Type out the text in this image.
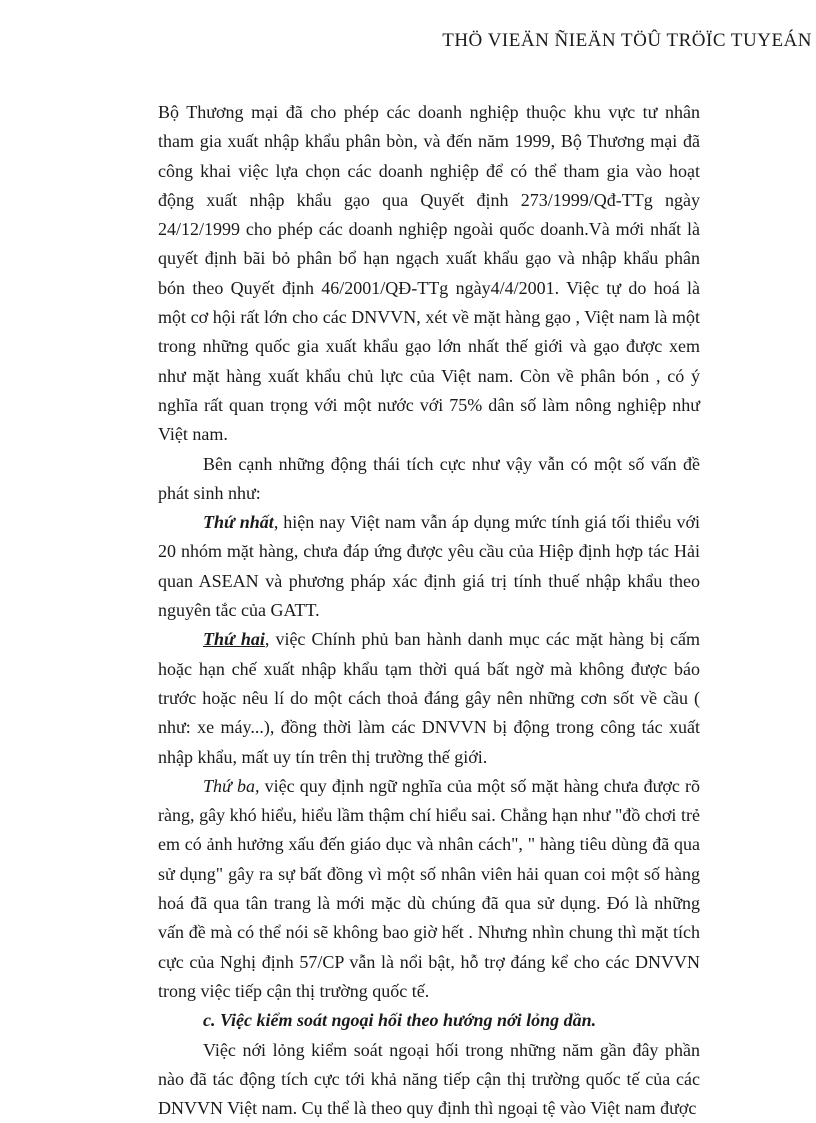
THÖ VIEÄN ÑIEÄN TÖÛ TRÖÏC TUYEÁN

Bộ Thương mại đã cho phép các doanh nghiệp thuộc khu vực tư nhân tham gia xuất nhập khẩu phân bòn, và đến năm 1999, Bộ Thương mại đã công khai việc lựa chọn các doanh nghiệp để có thể tham gia vào hoạt động xuất nhập khẩu gạo qua Quyết định 273/1999/Qđ-TTg ngày 24/12/1999 cho phép các doanh nghiệp ngoài quốc doanh.Và mới nhất là quyết định bãi bỏ phân bổ hạn ngạch xuất khẩu gạo và nhập khẩu phân bón theo Quyết định 46/2001/QĐ-TTg ngày4/4/2001. Việc tự do hoá là một cơ hội rất lớn cho các DNVVN, xét về mặt hàng gạo , Việt nam là một trong những quốc gia xuất khẩu gạo lớn nhất thế giới và gạo được xem như mặt hàng xuất khẩu chủ lực của Việt nam. Còn về phân bón , có ý nghĩa rất quan trọng với một nước với 75% dân số làm nông nghiệp như Việt nam.

Bên cạnh những động thái tích cực như vậy vẫn có một số vấn đề phát sinh như:

Thứ nhất, hiện nay Việt nam vẫn áp dụng mức tính giá tối thiểu với 20 nhóm mặt hàng, chưa đáp ứng được yêu cầu của Hiệp định hợp tác Hải quan ASEAN và phương pháp xác định giá trị tính thuế nhập khẩu theo nguyên tắc của GATT.

Thứ hai, việc Chính phủ ban hành danh mục các mặt hàng bị cấm hoặc hạn chế xuất nhập khẩu tạm thời quá bất ngờ mà không được báo trước hoặc nêu lí do một cách thoả đáng gây nên những cơn sốt về cầu ( như: xe máy...), đồng thời làm các DNVVN bị động trong công tác xuất nhập khẩu, mất uy tín trên thị trường thế giới.

Thứ ba, việc quy định ngữ nghĩa của một số mặt hàng chưa được rõ ràng, gây khó hiểu, hiểu lầm thậm chí hiểu sai. Chẳng hạn như "đồ chơi trẻ em có ảnh hưởng xấu đến giáo dục và nhân cách", " hàng tiêu dùng đã qua sử dụng" gây ra sự bất đồng vì một số nhân viên hải quan coi một số hàng hoá đã qua tân trang là mới mặc dù chúng đã qua sử dụng. Đó là những vấn đề mà có thể nói sẽ không bao giờ hết . Nhưng nhìn chung thì mặt tích cực của Nghị định 57/CP vẫn là nổi bật, hỗ trợ đáng kể cho các DNVVN trong việc tiếp cận thị trường quốc tế.

c. Việc kiểm soát ngoại hối theo hướng nới lỏng dần.

Việc nới lỏng kiểm soát ngoại hối trong những năm gần đây phần nào đã tác động tích cực tới khả năng tiếp cận thị trường quốc tế của các DNVVN Việt nam. Cụ thể là theo quy định thì ngoại tệ vào Việt nam được
